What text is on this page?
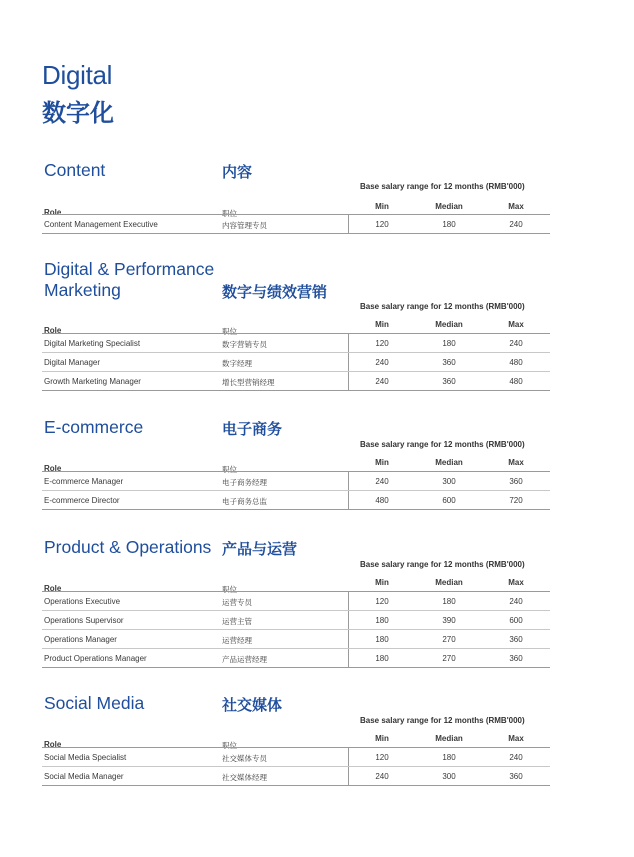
Digital
数字化
Content	内容
Base salary range for 12 months (RMB'000)
Role	职位
Min	Median	Max
Content Management Executive	内容管理专员	120	180	240
Digital & Performance
Marketing	数字与绩效营销
Base salary range for 12 months (RMB'000)
Role	职位
Min	Median	Max
Digital Marketing Specialist	数字营销专员	120	180	240
Digital Manager	数字经理	240	360	480
Growth Marketing Manager	增长型营销经理	240	360	480
E-commerce	电子商务
Base salary range for 12 months (RMB'000)
Role	职位
Min	Median	Max
E-commerce Manager	电子商务经理	240	300	360
E-commerce Director	电子商务总监	480	600	720
Product & Operations 产品与运营
Base salary range for 12 months (RMB'000)
Role	职位
Min	Median	Max
Operations Executive	运营专员	120	180	240
Operations Supervisor	运营主管	180	390	600
Operations Manager	运营经理	180	270	360
Product Operations Manager	产品运营经理	180	270	360
Social Media	社交媒体
Base salary range for 12 months (RMB'000)
Role	职位
Min	Median	Max
Social Media Specialist	社交媒体专员	120	180	240
Social Media Manager	社交媒体经理	240	300	360
